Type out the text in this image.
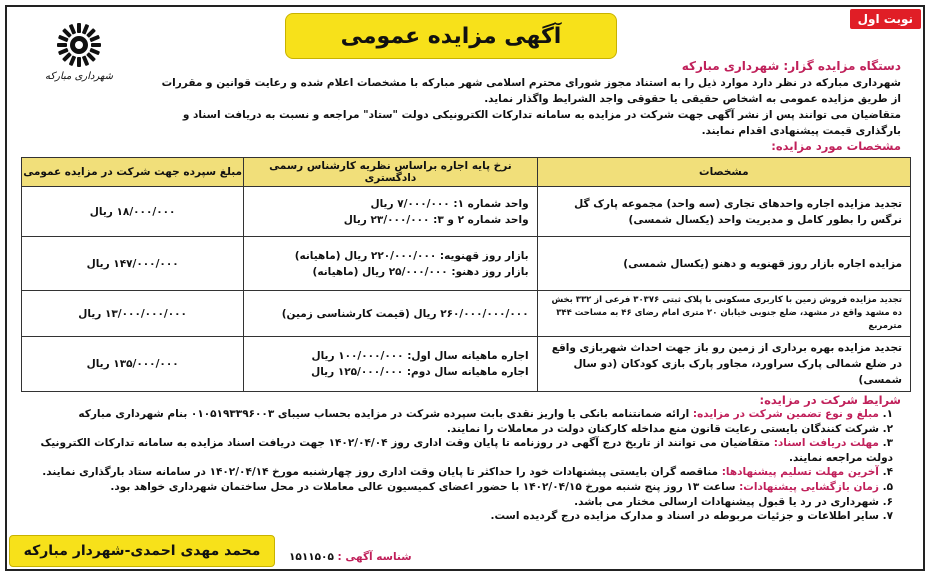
نوبت اول
آگهی مزایده عمومی
شهرداری مبارکه
دستگاه مزایده گزار: شهرداری مبارکه
شهرداری مبارکه در نظر دارد موارد ذیل را به استناد مجوز شورای محترم اسلامی شهر مبارکه با مشخصات اعلام شده و رعایت قوانین و مقررات
از طریق مزایده عمومی به اشخاص حقیقی یا حقوقی واجد الشرایط واگذار نماید.
متقاضیان می توانند پس از نشر آگهی جهت شرکت در مزایده به سامانه تدارکات الکترونیکی دولت "ستاد" مراجعه و نسبت به دریافت اسناد و بارگذاری قیمت پیشنهادی اقدام نمایند.
مشخصات مورد مزایده:
مشخصات	نرخ پایه اجاره براساس نظریه کارشناس رسمی دادگستری	مبلغ سپرده جهت شرکت در مزایده عمومی
تجدید مزایده اجاره واحدهای تجاری (سه واحد) مجموعه پارک گل نرگس را بطور کامل و مدیریت واحد (یکسال شمسی)	واحد شماره ۱: ۷/۰۰۰/۰۰۰ ریال
واحد شماره ۲ و ۳: ۲۳/۰۰۰/۰۰۰ ریال	۱۸/۰۰۰/۰۰۰ ریال
مزایده اجاره بازار روز قهنویه و دهنو (یکسال شمسی)	بازار روز قهنویه: ۲۲۰/۰۰۰/۰۰۰ ریال (ماهیانه)
بازار روز دهنو: ۲۵/۰۰۰/۰۰۰ ریال (ماهیانه)	۱۴۷/۰۰۰/۰۰۰ ریال
تجدید مزایده فروش زمین با کاربری مسکونی با پلاک ثبتی ۳۰۳۷۶ فرعی از ۳۳۲ بخش ده مشهد واقع در مشهد، ضلع جنوبی خیابان ۲۰ متری امام رضای ۴۶ به مساحت ۳۴۴ مترمربع	۲۶۰/۰۰۰/۰۰۰/۰۰۰ ریال (قیمت کارشناسی زمین)	۱۳/۰۰۰/۰۰۰/۰۰۰ ریال
تجدید مزایده بهره برداری از زمین رو باز جهت احداث شهربازی واقع در ضلع شمالی پارک سراورد، مجاور پارک بازی کودکان (دو سال شمسی)	اجاره ماهیانه سال اول: ۱۰۰/۰۰۰/۰۰۰ ریال
اجاره ماهیانه سال دوم: ۱۲۵/۰۰۰/۰۰۰ ریال	۱۳۵/۰۰۰/۰۰۰ ریال
شرایط شرکت در مزایده:
۱. مبلغ و نوع تضمین شرکت در مزایده: ارائه ضمانتنامه بانکی یا واریز نقدی بابت سپرده شرکت در مزایده بحساب سیبای ۰۱۰۵۱۹۳۳۹۶۰۰۳ بنام شهرداری مبارکه
۲. شرکت کنندگان بایستی رعایت قانون منع مداخله کارکنان دولت در معاملات را نمایند.
۳. مهلت دریافت اسناد: متقاضیان می توانند از تاریخ درج آگهی در روزنامه تا پایان وقت اداری روز ۱۴۰۲/۰۴/۰۴ جهت دریافت اسناد مزایده به سامانه تدارکات الکترونیک دولت مراجعه نمایند.
۴. آخرین مهلت تسلیم پیشنهادها: مناقصه گران بایستی پیشنهادات خود را حداکثر تا پایان وقت اداری روز چهارشنبه مورخ ۱۴۰۲/۰۴/۱۴ در سامانه ستاد بارگذاری نمایند.
۵. زمان بازگشایی پیشنهادات: ساعت ۱۳ روز پنج شنبه مورخ ۱۴۰۲/۰۴/۱۵ با حضور اعضای کمیسیون عالی معاملات در محل ساختمان شهرداری خواهد بود.
۶. شهرداری در رد یا قبول پیشنهادات ارسالی مختار می باشد.
۷. سایر اطلاعات و جزئیات مربوطه در اسناد و مدارک مزایده درج گردیده است.
شناسه آگهی : ۱۵۱۱۵۰۵
محمد مهدی احمدی-شهردار مبارکه
